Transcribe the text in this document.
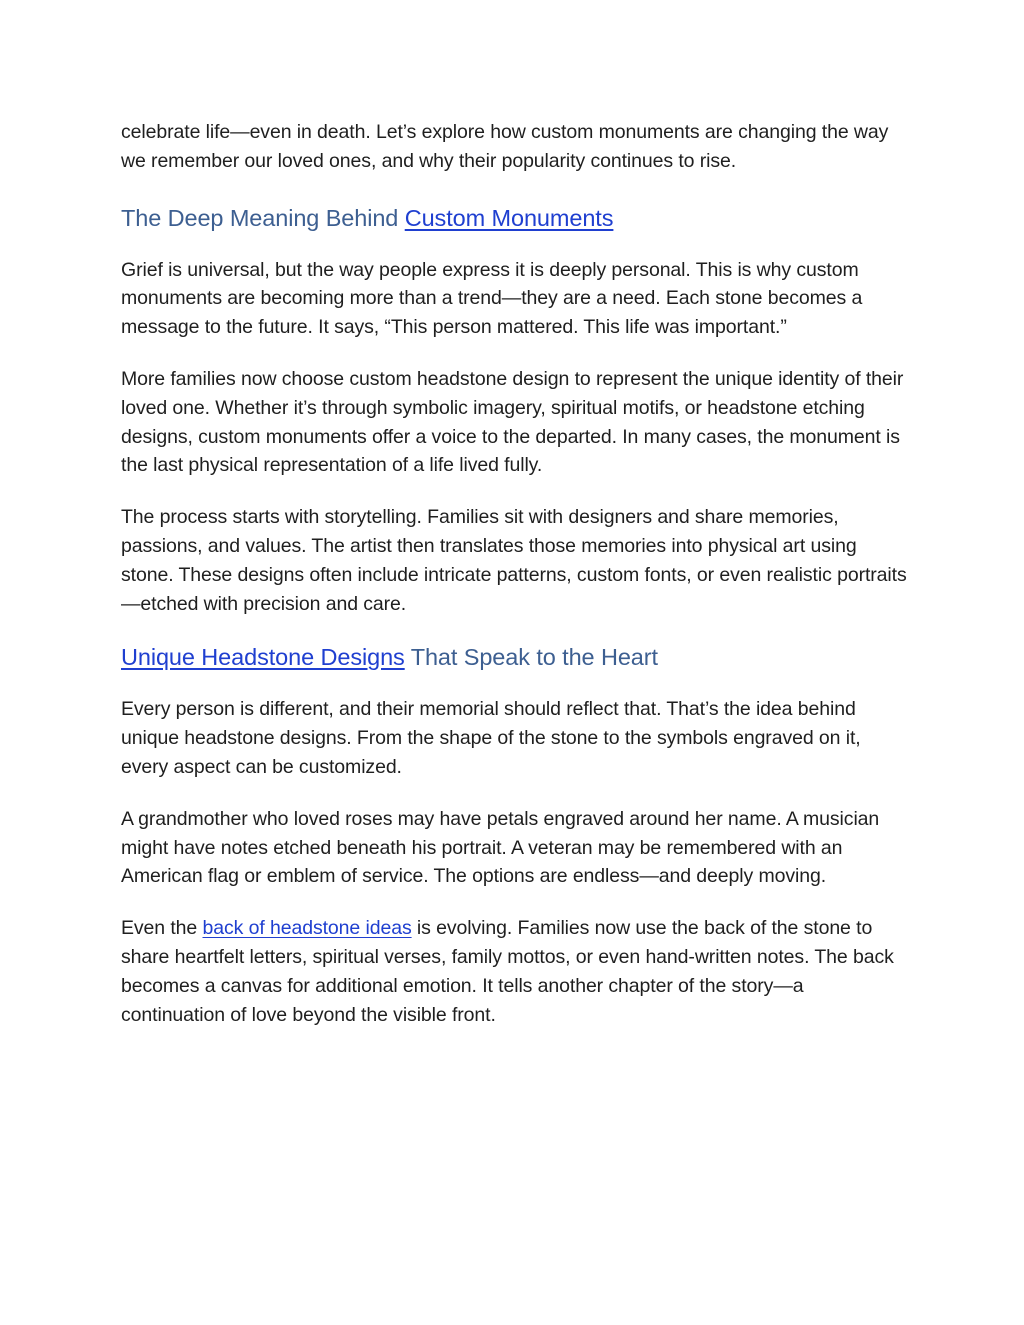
celebrate life—even in death. Let’s explore how custom monuments are changing the way we remember our loved ones, and why their popularity continues to rise.

The Deep Meaning Behind Custom Monuments

Grief is universal, but the way people express it is deeply personal. This is why custom monuments are becoming more than a trend—they are a need. Each stone becomes a message to the future. It says, “This person mattered. This life was important.”

More families now choose custom headstone design to represent the unique identity of their loved one. Whether it’s through symbolic imagery, spiritual motifs, or headstone etching designs, custom monuments offer a voice to the departed. In many cases, the monument is the last physical representation of a life lived fully.

The process starts with storytelling. Families sit with designers and share memories, passions, and values. The artist then translates those memories into physical art using stone. These designs often include intricate patterns, custom fonts, or even realistic portraits—etched with precision and care.

Unique Headstone Designs That Speak to the Heart

Every person is different, and their memorial should reflect that. That’s the idea behind unique headstone designs. From the shape of the stone to the symbols engraved on it, every aspect can be customized.

A grandmother who loved roses may have petals engraved around her name. A musician might have notes etched beneath his portrait. A veteran may be remembered with an American flag or emblem of service. The options are endless—and deeply moving.

Even the back of headstone ideas is evolving. Families now use the back of the stone to share heartfelt letters, spiritual verses, family mottos, or even hand-written notes. The back becomes a canvas for additional emotion. It tells another chapter of the story—a continuation of love beyond the visible front.
